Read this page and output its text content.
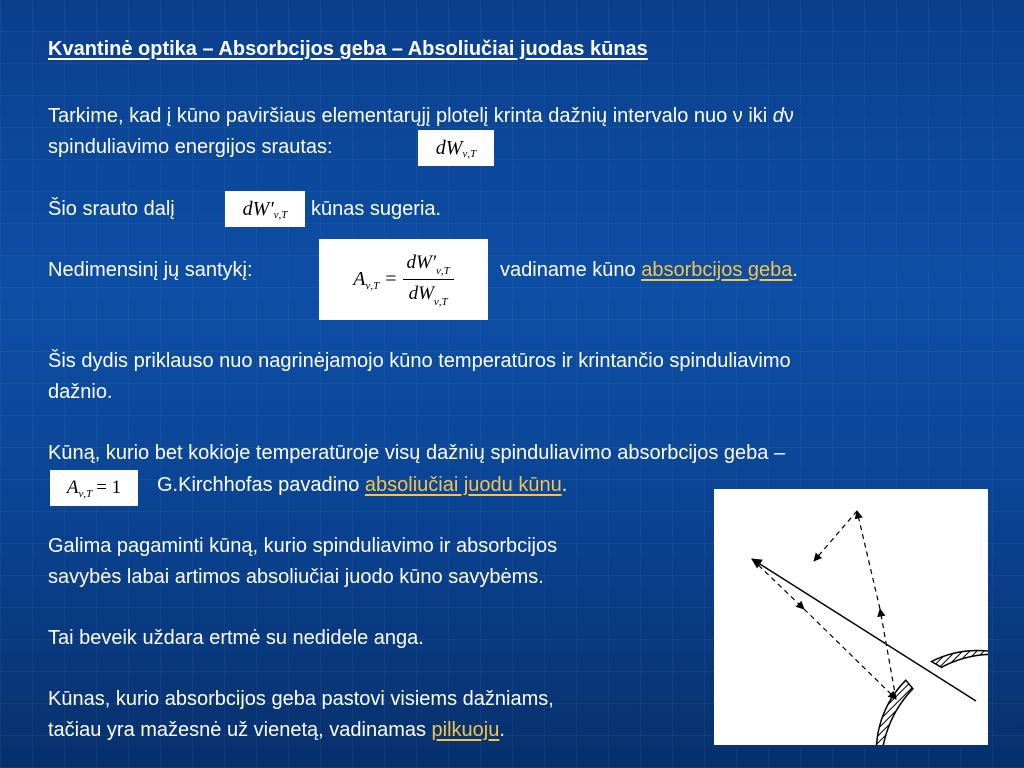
Kvantinė optika – Absorbcijos geba – Absoliučiai juodas kūnas
Tarkime, kad į kūno paviršiaus elementarųjį plotelį krinta dažnių intervalo nuo ν iki dν
spinduliavimo energijos srautas:	dW ν,T
Šio srauto dalį	dW' ν,T kūnas sugeria.
Nedimensinį jų santykį:	A $\nu,T = \frac{dW'_{\nu,T}}{dW_{\nu,T}}$ vadiname kūno absorbcijos geba.
Šis dydis priklauso nuo nagrinėjamojo kūno temperatūros ir krintančio spinduliavimo
dažnio.
Kūną, kurio bet kokioje temperatūroje visų dažnių spinduliavimo absorbcijos geba –
A ν,T = 1 G.Kirchhofas pavadino absoliučiai juodu kūnu.
Galima pagaminti kūną, kurio spinduliavimo ir absorbcijos
savybės labai artimos absoliučiai juodo kūno savybėms.
Tai beveik uždara ertmė su nedidele anga.
Kūnas, kurio absorbcijos geba pastovi visiems dažniams,
tačiau yra mažesnė už vienetą, vadinamas pilkuoju.
